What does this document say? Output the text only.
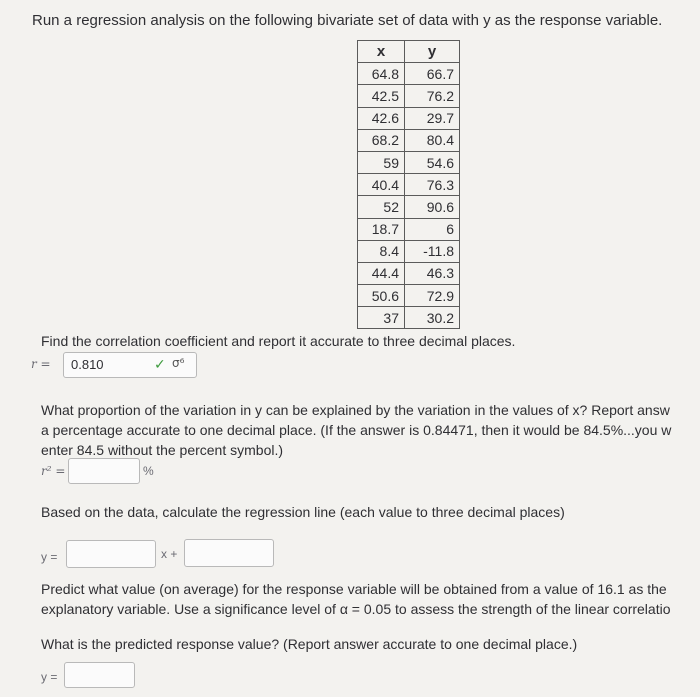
Run a regression analysis on the following bivariate set of data with y as the response variable.
x	y
64.8	66.7
42.5	76.2
42.6	29.7
68.2	80.4
59	54.6
40.4	76.3
52	90.6
18.7	6
8.4	-11.8
44.4	46.3
50.6	72.9
37	30.2
Find the correlation coefficient and report it accurate to three decimal places.
r = 0.810	✓ σ⁶
What proportion of the variation in y can be explained by the variation in the values of x? Report answ
a percentage accurate to one decimal place. (If the answer is 0.84471, then it would be 84.5%...you w
enter 84.5 without the percent symbol.)
r² =	%
Based on the data, calculate the regression line (each value to three decimal places)
y =	x +
Predict what value (on average) for the response variable will be obtained from a value of 16.1 as the
explanatory variable. Use a significance level of α = 0.05 to assess the strength of the linear correlatio
What is the predicted response value? (Report answer accurate to one decimal place.)
y =
